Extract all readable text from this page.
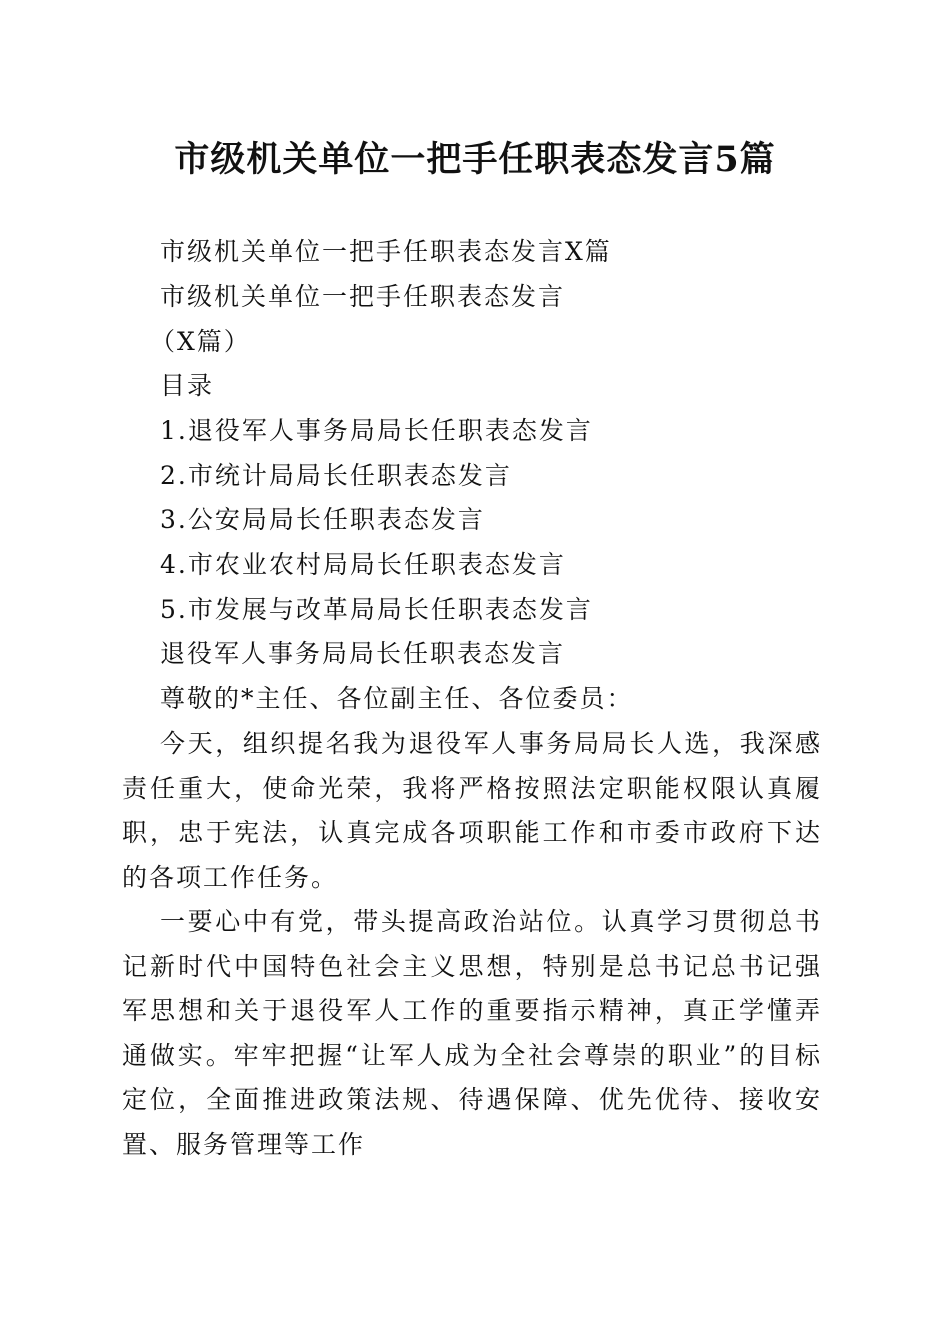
市级机关单位一把手任职表态发言5篇

市级机关单位一把手任职表态发言X篇

市级机关单位一把手任职表态发言

（X篇）

目录

1.退役军人事务局局长任职表态发言

2.市统计局局长任职表态发言

3.公安局局长任职表态发言

4.市农业农村局局长任职表态发言

5.市发展与改革局局长任职表态发言

退役军人事务局局长任职表态发言

尊敬的*主任、各位副主任、各位委员：

今天，组织提名我为退役军人事务局局长人选，我深感责任重大，使命光荣，我将严格按照法定职能权限认真履职，忠于宪法，认真完成各项职能工作和市委市政府下达的各项工作任务。

一要心中有党，带头提高政治站位。认真学习贯彻总书记新时代中国特色社会主义思想，特别是总书记总书记强军思想和关于退役军人工作的重要指示精神，真正学懂弄通做实。牢牢把握“让军人成为全社会尊崇的职业”的目标定位，全面推进政策法规、待遇保障、优先优待、接收安置、服务管理等工作
